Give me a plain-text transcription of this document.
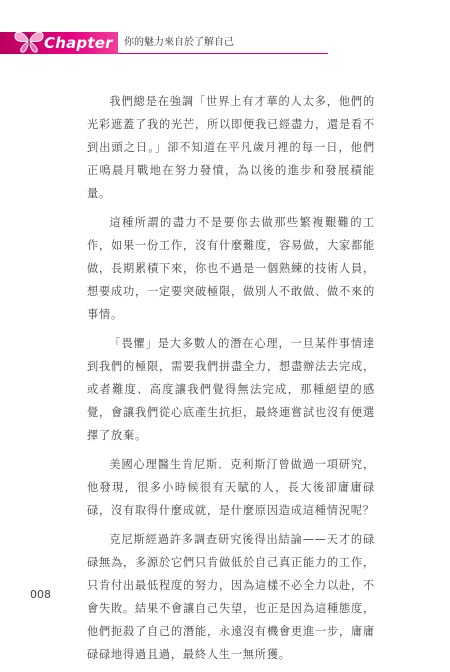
Chapter 1
你的魅力來自於了解自己

我們總是在強調「世界上有才華的人太多，他們的光彩遮蓋了我的光芒，所以即便我已經盡力，還是看不到出頭之日。」卻不知道在平凡歲月裡的每一日，他們正鳴晨月戰地在努力發憤，為以後的進步和發展積能量。

這種所謂的盡力不是要你去做那些繁複艱難的工作，如果一份工作，沒有什麼難度，容易做，大家都能做，長期累積下來，你也不過是一個熟練的技術人員，想要成功，一定要突破極限，做別人不敢做、做不來的事情。

「畏懼」是大多數人的潛在心理，一旦某件事情達到我們的極限，需要我們拼盡全力，想盡辦法去完成，或者難度、高度讓我們覺得無法完成，那種絕望的感覺，會讓我們從心底產生抗拒，最終連嘗試也沒有便選擇了放棄。

美國心理醫生肯尼斯．克利斯汀曾做過一項研究，他發現，很多小時候很有天賦的人，長大後卻庸庸碌碌，沒有取得什麼成就，是什麼原因造成這種情況呢？

克尼斯經過許多調查研究後得出結論——天才的碌碌無為，多源於它們只肯做低於自己真正能力的工作，只肯付出最低程度的努力，因為這樣不必全力以赴，不會失敗。結果不會讓自己失望，也正是因為這種態度，他們扼殺了自己的潛能，永遠沒有機會更進一步，庸庸碌碌地得過且過，最終人生一無所獲。

008
